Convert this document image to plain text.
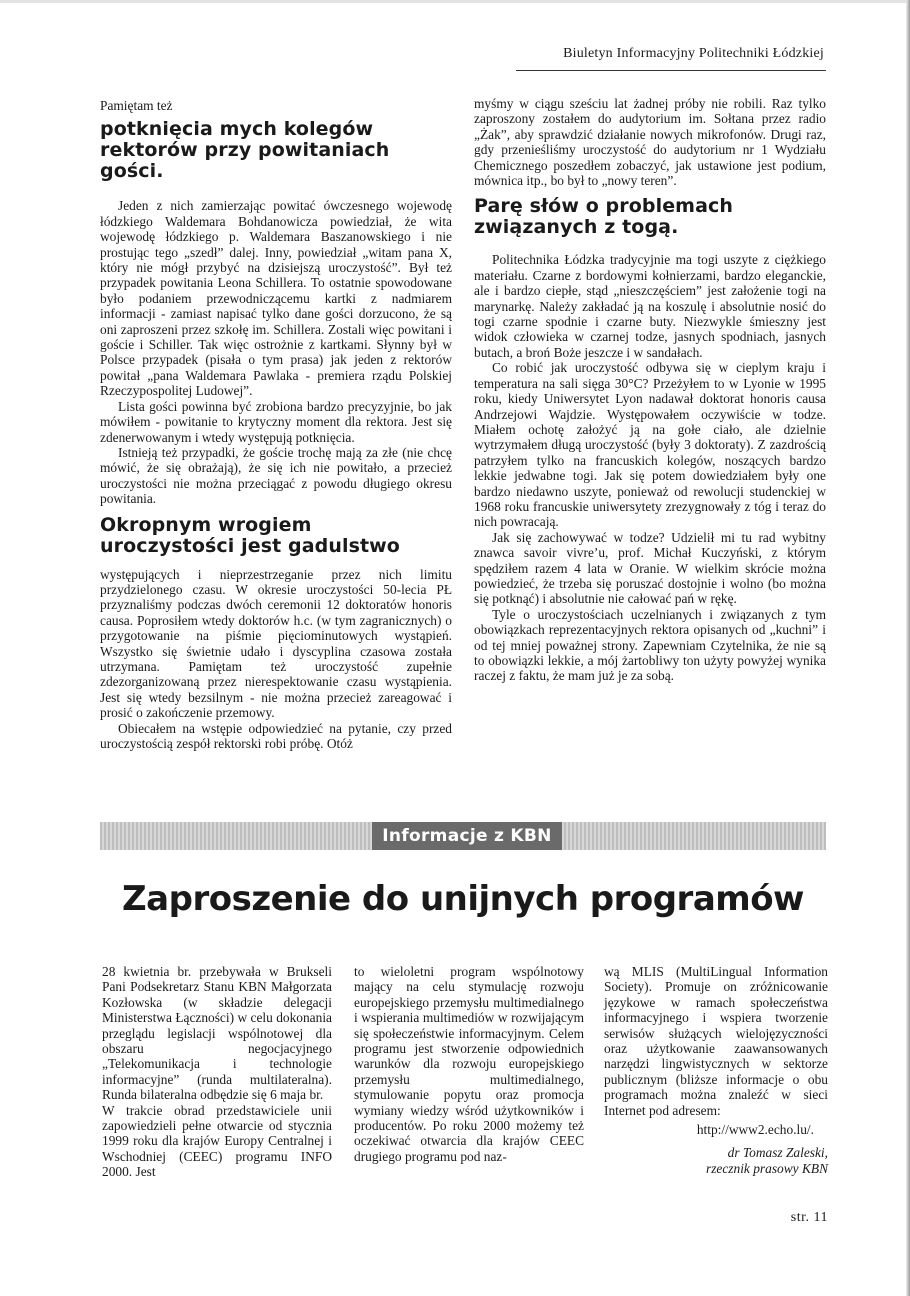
Biuletyn Informacyjny Politechniki Łódzkiej

Pamiętam też

potknięcia mych kolegów rektorów przy powitaniach gości.

Jeden z nich zamierzając powitać ówczesnego wojewodę łódzkiego Waldemara Bohdanowicza powiedział, że wita wojewodę łódzkiego p. Waldemara Baszanowskiego i nie prostując tego „szedł” dalej. Inny, powiedział „witam pana X, który nie mógł przybyć na dzisiejszą uroczystość”. Był też przypadek powitania Leona Schillera. To ostatnie spowodowane było podaniem przewodniczącemu kartki z nadmiarem informacji - zamiast napisać tylko dane gości dorzucono, że są oni zaproszeni przez szkołę im. Schillera. Zostali więc powitani i goście i Schiller. Tak więc ostrożnie z kartkami. Słynny był w Polsce przypadek (pisała o tym prasa) jak jeden z rektorów powitał „pana Waldemara Pawlaka - premiera rządu Polskiej Rzeczypospolitej Ludowej”.

Lista gości powinna być zrobiona bardzo precyzyjnie, bo jak mówiłem - powitanie to krytyczny moment dla rektora. Jest się zdenerwowanym i wtedy występują potknięcia.

Istnieją też przypadki, że goście trochę mają za złe (nie chcę mówić, że się obrażają), że się ich nie powitało, a przecież uroczystości nie można przeciągać z powodu długiego okresu powitania.

Okropnym wrogiem uroczystości jest gadulstwo

występujących i nieprzestrzeganie przez nich limitu przydzielonego czasu. W okresie uroczystości 50-lecia PŁ przyznaliśmy podczas dwóch ceremonii 12 doktoratów honoris causa. Poprosiłem wtedy doktorów h.c. (w tym zagranicznych) o przygotowanie na piśmie pięciominutowych wystąpień. Wszystko się świetnie udało i dyscyplina czasowa została utrzymana. Pamiętam też uroczystość zupełnie zdezorganizowaną przez nierespektowanie czasu wystąpienia. Jest się wtedy bezsilnym - nie można przecież zareagować i prosić o zakończenie przemowy.

Obiecałem na wstępie odpowiedzieć na pytanie, czy przed uroczystością zespół rektorski robi próbę. Otóż

myśmy w ciągu sześciu lat żadnej próby nie robili. Raz tylko zaproszony zostałem do audytorium im. Sołtana przez radio „Żak”, aby sprawdzić działanie nowych mikrofonów. Drugi raz, gdy przenieśliśmy uroczystość do audytorium nr 1 Wydziału Chemicznego poszedłem zobaczyć, jak ustawione jest podium, mównica itp., bo był to „nowy teren”.

Parę słów o problemach związanych z togą.

Politechnika Łódzka tradycyjnie ma togi uszyte z ciężkiego materiału. Czarne z bordowymi kołnierzami, bardzo eleganckie, ale i bardzo ciepłe, stąd „nieszczęściem” jest założenie togi na marynarkę. Należy zakładać ją na koszulę i absolutnie nosić do togi czarne spodnie i czarne buty. Niezwykle śmieszny jest widok człowieka w czarnej todze, jasnych spodniach, jasnych butach, a broń Boże jeszcze i w sandałach.

Co robić jak uroczystość odbywa się w cieplym kraju i temperatura na sali sięga 30°C? Przeżyłem to w Lyonie w 1995 roku, kiedy Uniwersytet Lyon nadawał doktorat honoris causa Andrzejowi Wajdzie. Występowałem oczywiście w todze. Miałem ochotę założyć ją na gołe ciało, ale dzielnie wytrzymałem długą uroczystość (były 3 doktoraty). Z zazdrością patrzyłem tylko na francuskich kolegów, noszących bardzo lekkie jedwabne togi. Jak się potem dowiedziałem były one bardzo niedawno uszyte, ponieważ od rewolucji studenckiej w 1968 roku francuskie uniwersytety zrezygnowały z tóg i teraz do nich powracają.

Jak się zachowywać w todze? Udzielił mi tu rad wybitny znawca savoir vivre’u, prof. Michał Kuczyński, z którym spędziłem razem 4 lata w Oranie. W wielkim skrócie można powiedzieć, że trzeba się poruszać dostojnie i wolno (bo można się potknąć) i absolutnie nie całować pań w rękę.

Tyle o uroczystościach uczelnianych i związanych z tym obowiązkach reprezentacyjnych rektora opisanych od „kuchni” i od tej mniej poważnej strony. Zapewniam Czytelnika, że nie są to obowiązki lekkie, a mój żartobliwy ton użyty powyżej wynika raczej z faktu, że mam już je za sobą.

Informacje z KBN
Zaproszenie do unijnych programów

28 kwietnia br. przebywała w Brukseli Pani Podsekretarz Stanu KBN Małgorzata Kozłowska (w składzie delegacji Ministerstwa Łączności) w celu dokonania przeglądu legislacji wspólnotowej dla obszaru negocjacyjnego „Telekomunikacja i technologie informacyjne” (runda multilateralna). Runda bilateralna odbędzie się 6 maja br.

W trakcie obrad przedstawiciele unii zapowiedzieli pełne otwarcie od stycznia 1999 roku dla krajów Europy Centralnej i Wschodniej (CEEC) programu INFO 2000. Jest

to wieloletni program wspólnotowy mający na celu stymulację rozwoju europejskiego przemysłu multimedialnego i wspierania multimediów w rozwijającym się społeczeństwie informacyjnym. Celem programu jest stworzenie odpowiednich warunków dla rozwoju europejskiego przemysłu multimedialnego, stymulowanie popytu oraz promocja wymiany wiedzy wśród użytkowników i producentów. Po roku 2000 możemy też oczekiwać otwarcia dla krajów CEEC drugiego programu pod naz-

wą MLIS (MultiLingual Information Society). Promuje on zróżnicowanie językowe w ramach społeczeństwa informacyjnego i wspiera tworzenie serwisów służących wielojęzyczności oraz użytkowanie zaawansowanych narzędzi lingwistycznych w sektorze publicznym (bliższe informacje o obu programach można znaleźć w sieci Internet pod adresem:

http://www2.echo.lu/.

dr Tomasz Zaleski,

rzecznik prasowy KBN

str. 11
